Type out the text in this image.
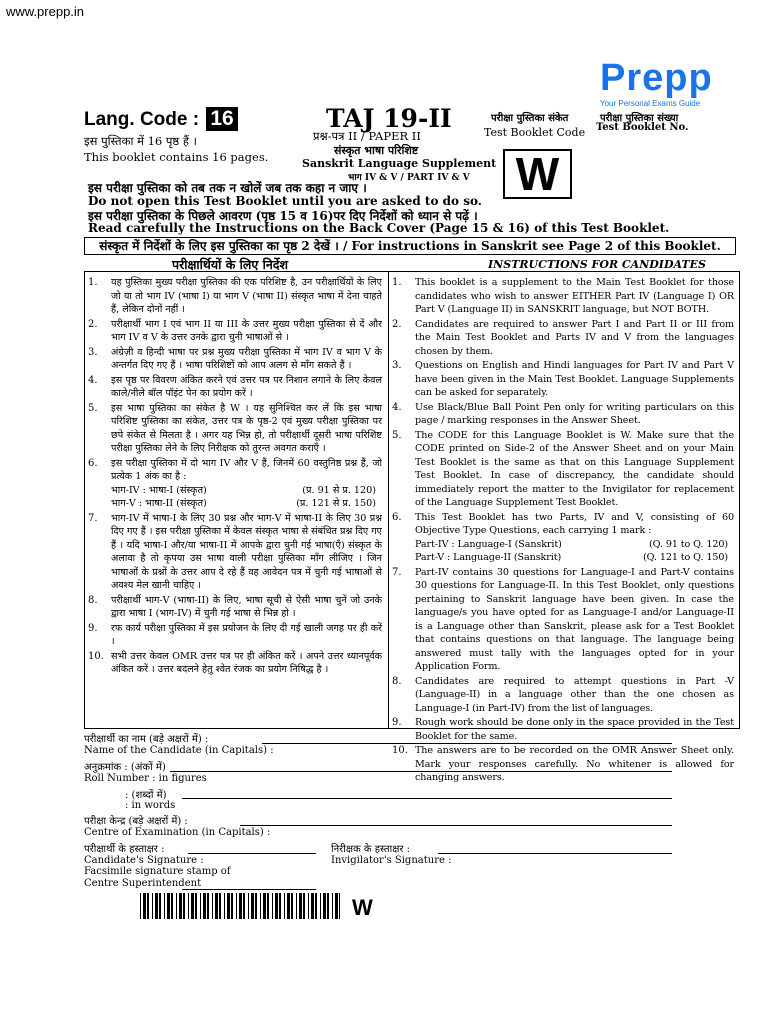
www.prepp.in
Prepp
Your Personal Exams Guide
Lang. Code : 16
इस पुस्तिका में 16 पृष्ठ हैं ।
This booklet contains 16 pages.
TAJ 19-II
प्रश्न-पत्र II / PAPER II
संस्कृत भाषा परिशिष्ट
Sanskrit Language Supplement
भाग IV & V / PART IV & V
परीक्षा पुस्तिका संकेत
Test Booklet Code
परीक्षा पुस्तिका संख्या
Test Booklet No.
W
इस परीक्षा पुस्तिका को तब तक न खोलें जब तक कहा न जाए ।
Do not open this Test Booklet until you are asked to do so.
इस परीक्षा पुस्तिका के पिछले आवरण (पृष्ठ 15 व 16)पर दिए निर्देशों को ध्यान से पढ़ें ।
Read carefully the Instructions on the Back Cover (Page 15 & 16) of this Test Booklet.
संस्कृत में निर्देशों के लिए इस पुस्तिका का पृष्ठ 2 देखें । / For instructions in Sanskrit see Page 2 of this Booklet.
परीक्षार्थियों के लिए निर्देश	INSTRUCTIONS FOR CANDIDATES
1.	यह पुस्तिका मुख्य परीक्षा पुस्तिका की एक परिशिष्ट है, उन परीक्षार्थियों के लिए जो या तो भाग IV (भाषा I) या भाग V (भाषा II) संस्कृत भाषा में देना चाहते हैं, लेकिन दोनों नहीं ।
2.	परीक्षार्थी भाग I एवं भाग II या III के उत्तर मुख्य परीक्षा पुस्तिका से दें और भाग IV व V के उत्तर उनके द्वारा चुनी भाषाओं से ।
3.	अंग्रेज़ी व हिन्दी भाषा पर प्रश्न मुख्य परीक्षा पुस्तिका में भाग IV व भाग V के अन्तर्गत दिए गए हैं । भाषा परिशिष्टों को आप अलग से माँग सकते हैं ।
4.	इस पृष्ठ पर विवरण अंकित करने एवं उत्तर पत्र पर निशान लगाने के लिए केवल काले/नीले बॉल पॉइंट पेन का प्रयोग करें ।
5.	इस भाषा पुस्तिका का संकेत है W । यह सुनिश्चित कर लें कि इस भाषा परिशिष्ट पुस्तिका का संकेत, उत्तर पत्र के पृष्ठ-2 एवं मुख्य परीक्षा पुस्तिका पर छपे संकेत से मिलता है । अगर यह भिन्न हो, तो परीक्षार्थी दूसरी भाषा परिशिष्ट परीक्षा पुस्तिका लेने के लिए निरीक्षक को तुरन्त अवगत कराएँ ।
6.	इस परीक्षा पुस्तिका में दो भाग IV और V हैं, जिनमें 60 वस्तुनिष्ठ प्रश्न हैं, जो प्रत्येक 1 अंक का है :
भाग-IV : भाषा-I (संस्कृत)	(प्र. 91 से प्र. 120)
भाग-V : भाषा-II (संस्कृत)	(प्र. 121 से प्र. 150)
7.	भाग-IV में भाषा-I के लिए 30 प्रश्न और भाग-V में भाषा-II के लिए 30 प्रश्न दिए गए हैं । इस परीक्षा पुस्तिका में केवल संस्कृत भाषा से संबंधित प्रश्न दिए गए हैं । यदि भाषा-I और/या भाषा-II में आपके द्वारा चुनी गई भाषा(एँ) संस्कृत के अलावा है तो कृपया उस भाषा वाली परीक्षा पुस्तिका माँग लीजिए । जिन भाषाओं के प्रश्नों के उत्तर आप दे रहे हैं वह आवेदन पत्र में चुनी गई भाषाओं से अवश्य मेल खानी चाहिए ।
8.	परीक्षार्थी भाग-V (भाषा-II) के लिए, भाषा सूची से ऐसी भाषा चुनें जो उनके द्वारा भाषा I (भाग-IV) में चुनी गई भाषा से भिन्न हो ।
9.	रफ कार्य परीक्षा पुस्तिका में इस प्रयोजन के लिए दी गई खाली जगह पर ही करें ।
10. सभी उत्तर केवल OMR उत्तर पत्र पर ही अंकित करें । अपने उत्तर ध्यानपूर्वक अंकित करें । उत्तर बदलने हेतु श्वेत रंजक का प्रयोग निषिद्ध है ।
1.	This booklet is a supplement to the Main Test Booklet for those candidates who wish to answer EITHER Part IV (Language I) OR Part V (Language II) in SANSKRIT language, but NOT BOTH.
2.	Candidates are required to answer Part I and Part II or III from the Main Test Booklet and Parts IV and V from the languages chosen by them.
3.	Questions on English and Hindi languages for Part IV and Part V have been given in the Main Test Booklet. Language Supplements can be asked for separately.
4.	Use Black/Blue Ball Point Pen only for writing particulars on this page / marking responses in the Answer Sheet.
5.	The CODE for this Language Booklet is W. Make sure that the CODE printed on Side-2 of the Answer Sheet and on your Main Test Booklet is the same as that on this Language Supplement Test Booklet. In case of discrepancy, the candidate should immediately report the matter to the Invigilator for replacement of the Language Supplement Test Booklet.
6.	This Test Booklet has two Parts, IV and V, consisting of 60 Objective Type Questions, each carrying 1 mark :
Part-IV : Language-I (Sanskrit)	(Q. 91 to Q. 120)
Part-V : Language-II (Sanskrit)	(Q. 121 to Q. 150)
7.	Part-IV contains 30 questions for Language-I and Part-V contains 30 questions for Language-II. In this Test Booklet, only questions pertaining to Sanskrit language have been given. In case the language/s you have opted for as Language-I and/or Language-II is a Language other than Sanskrit, please ask for a Test Booklet that contains questions on that language. The language being answered must tally with the languages opted for in your Application Form.
8.	Candidates are required to attempt questions in Part -V (Language-II) in a language other than the one chosen as Language-I (in Part-IV) from the list of languages.
9.	Rough work should be done only in the space provided in the Test Booklet for the same.
10. The answers are to be recorded on the OMR Answer Sheet only. Mark your responses carefully. No whitener is allowed for changing answers.
परीक्षार्थी का नाम (बड़े अक्षरों में) :
Name of the Candidate (in Capitals) :
अनुक्रमांक : (अंकों में)
Roll Number : in figures
: (शब्दों में)
: in words
परीक्षा केन्द्र (बड़े अक्षरों में) :
Centre of Examination (in Capitals) :
परीक्षार्थी के हस्ताक्षर :
Candidate's Signature :
निरीक्षक के हस्ताक्षर :
Invigilator's Signature :
Facsimile signature stamp of
Centre Superintendent
W
